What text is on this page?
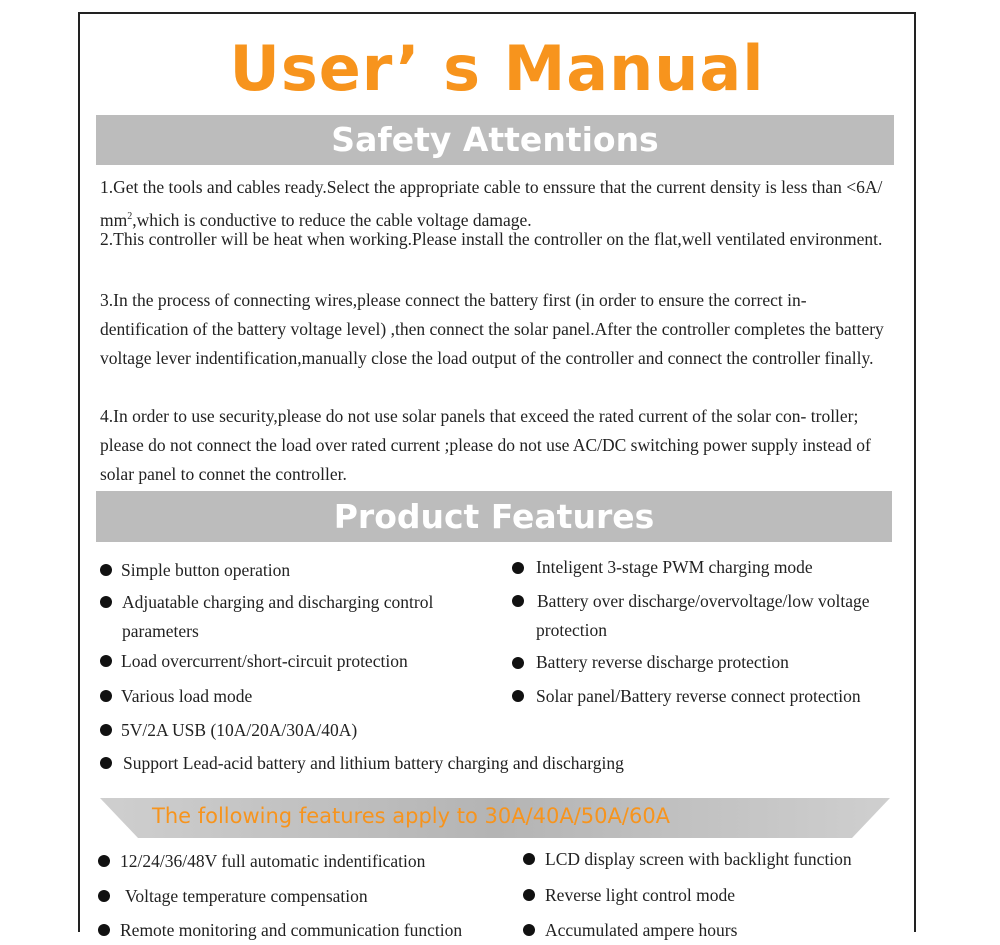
User’ s Manual
Safety Attentions

1.Get the tools and cables ready.Select the appropriate cable to enssure that the current density is less than <6A/ $mm^2,which$ is conductive to reduce the cable voltage damage.

2.This controller will be heat when working.Please install the controller on the flat,well ventilated environment.

3.In the process of connecting wires,please connect the battery first (in order to ensure the correct in- dentification of the battery voltage level) ,then connect the solar panel.After the controller completes the battery voltage lever indentification,manually close the load output of the controller and connect the controller finally.

4.In order to use security,please do not use solar panels that exceed the rated current of the solar con- troller; please do not connect the load over rated current ;please do not use AC/DC switching power supply instead of solar panel to connet the controller.

Product Features
Simple button operation
Adjuatable charging and discharging control
parameters
Load overcurrent/short-circuit protection
Various load mode
5V/2A USB (10A/20A/30A/40A)
Support Lead-acid battery and lithium battery charging and discharging
Inteligent 3-stage PWM charging mode
Battery over discharge/overvoltage/low voltage
protection
Battery reverse discharge protection
Solar panel/Battery reverse connect protection
The following features apply to 30A/40A/50A/60A
12/24/36/48V full automatic indentification
Voltage temperature compensation
Remote monitoring and communication function
LCD display screen with backlight function
Reverse light control mode
Accumulated ampere hours
